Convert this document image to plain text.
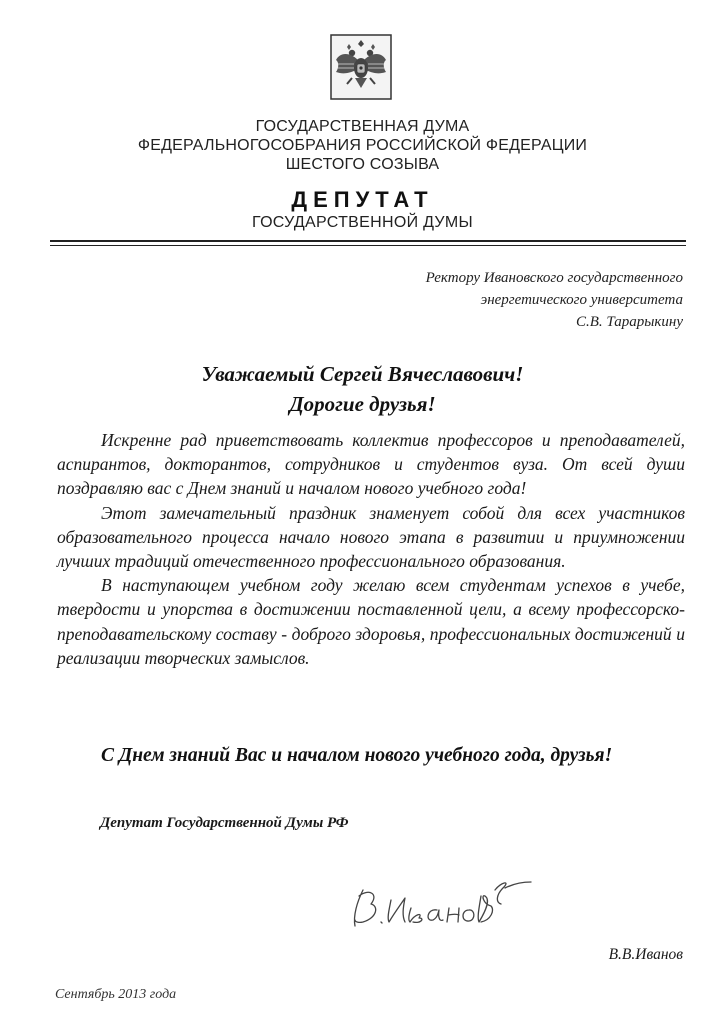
ГОСУДАРСТВЕННАЯ ДУМА
ФЕДЕРАЛЬНОГОСОБРАНИЯ РОССИЙСКОЙ ФЕДЕРАЦИИ
ШЕСТОГО СОЗЫВА
ДЕПУТАТ
ГОСУДАРСТВЕННОЙ ДУМЫ
Ректору Ивановского государственного
энергетического университета
С.В. Тарарыкину
Уважаемый Сергей Вячеславович!
Дорогие друзья!

Искренне рад приветствовать коллектив профессоров и преподавателей, аспирантов, докторантов, сотрудников и студентов вуза. От всей души поздравляю вас с Днем знаний и началом нового учебного года!

Этот замечательный праздник знаменует собой для всех участников образовательного процесса начало нового этапа в развитии и приумножении лучших традиций отечественного профессионального образования.

В наступающем учебном году желаю всем студентам успехов в учебе, твердости и упорства в достижении поставленной цели, а всему профессорско-преподавательскому составу - доброго здоровья, профессиональных достижений и реализации творческих замыслов.

С Днем знаний Вас и началом нового учебного года, друзья!
Депутат Государственной Думы РФ
В.В.Иванов
Сентябрь 2013 года
